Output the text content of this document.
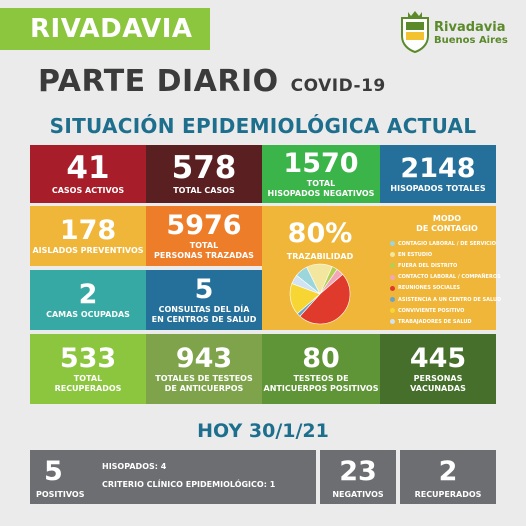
RIVADAVIA	Rivadavia
Buenos Aires
PARTE DIARIO COVID-19
SITUACIÓN EPIDEMIOLÓGICA ACTUAL
41
CASOS ACTIVOS
578
TOTAL CASOS
1570
TOTAL
HISOPADOS NEGATIVOS
2148
HISOPADOS TOTALES
178
AISLADOS PREVENTIVOS
5976
TOTAL
PERSONAS TRAZADAS
80%
TRAZABILIDAD
MODO
DE CONTAGIO
CONTAGIO LABORAL / DE SERVICIO
EN ESTUDIO
FUERA DEL DISTRITO
CONTACTO LABORAL / COMPAÑEROS
REUNIONES SOCIALES
ASISTENCIA A UN CENTRO DE SALUD
CONVIVIENTE POSITIVO
TRABAJADORES DE SALUD
2
CAMAS OCUPADAS
5
CONSULTAS DEL DÍA
EN CENTROS DE SALUD
533
TOTAL
RECUPERADOS
943
TOTALES DE TESTEOS
DE ANTICUERPOS
80
TESTEOS DE
ANTICUERPOS POSITIVOS
445
PERSONAS
VACUNADAS
HOY 30/1/21
5
POSITIVOS
HISOPADOS: 4
CRITERIO CLÍNICO EPIDEMIOLÓGICO: 1	23
NEGATIVOS
2
RECUPERADOS
